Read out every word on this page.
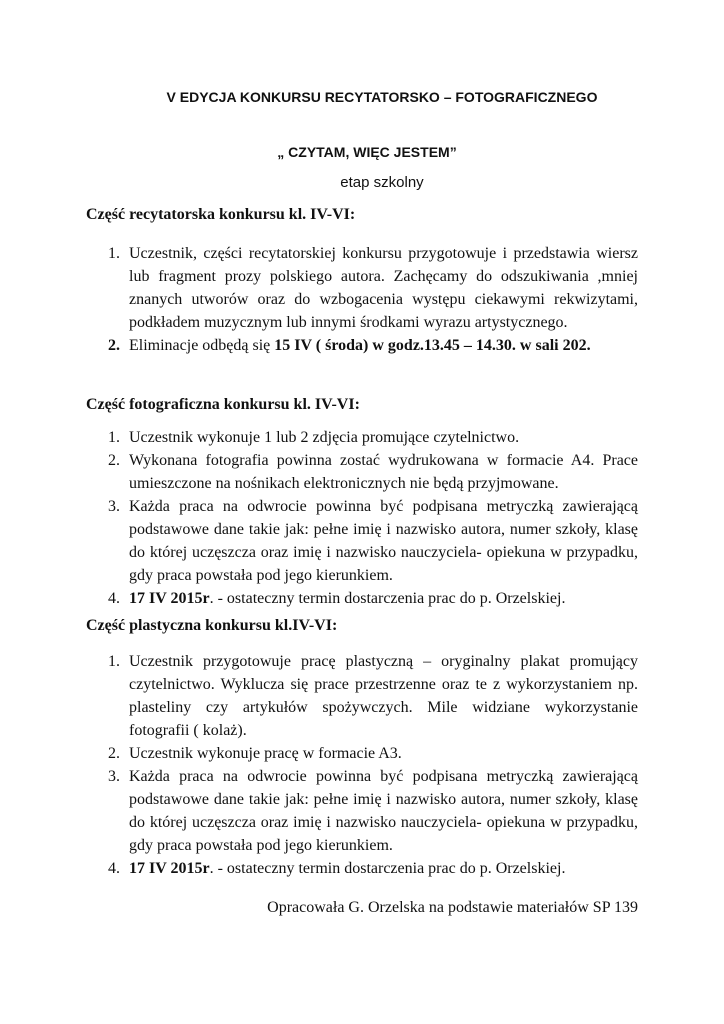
V EDYCJA KONKURSU RECYTATORSKO – FOTOGRAFICZNEGO
„ CZYTAM, WIĘC JESTEM”
etap szkolny
Część recytatorska konkursu kl. IV-VI:
1. Uczestnik, części recytatorskiej konkursu przygotowuje i przedstawia wiersz lub fragment prozy polskiego autora. Zachęcamy do odszukiwania ,mniej znanych utworów oraz do wzbogacenia występu ciekawymi rekwizytami, podkładem muzycznym lub innymi środkami wyrazu artystycznego.
2. Eliminacje odbędą się 15 IV ( środa) w godz.13.45 – 14.30. w sali 202.
Część fotograficzna konkursu kl. IV-VI:
1. Uczestnik wykonuje 1 lub 2 zdjęcia promujące czytelnictwo.
2. Wykonana fotografia powinna zostać wydrukowana w formacie A4. Prace umieszczone na nośnikach elektronicznych nie będą przyjmowane.
3. Każda praca na odwrocie powinna być podpisana metryczką zawierającą podstawowe dane takie jak: pełne imię i nazwisko autora, numer szkoły, klasę do której uczęszcza oraz imię i nazwisko nauczyciela- opiekuna w przypadku, gdy praca powstała pod jego kierunkiem.
4. 17 IV 2015r. - ostateczny termin dostarczenia prac do p. Orzelskiej.
Część plastyczna konkursu kl.IV-VI:
1. Uczestnik przygotowuje pracę plastyczną – oryginalny plakat promujący czytelnictwo. Wyklucza się prace przestrzenne oraz te z wykorzystaniem np. plasteliny czy artykułów spożywczych. Mile widziane wykorzystanie fotografii ( kolaż).
2. Uczestnik wykonuje pracę w formacie A3.
3. Każda praca na odwrocie powinna być podpisana metryczką zawierającą podstawowe dane takie jak: pełne imię i nazwisko autora, numer szkoły, klasę do której uczęszcza oraz imię i nazwisko nauczyciela- opiekuna w przypadku, gdy praca powstała pod jego kierunkiem.
4. 17 IV 2015r. - ostateczny termin dostarczenia prac do p. Orzelskiej.
Opracowała G. Orzelska na podstawie materiałów SP 139
